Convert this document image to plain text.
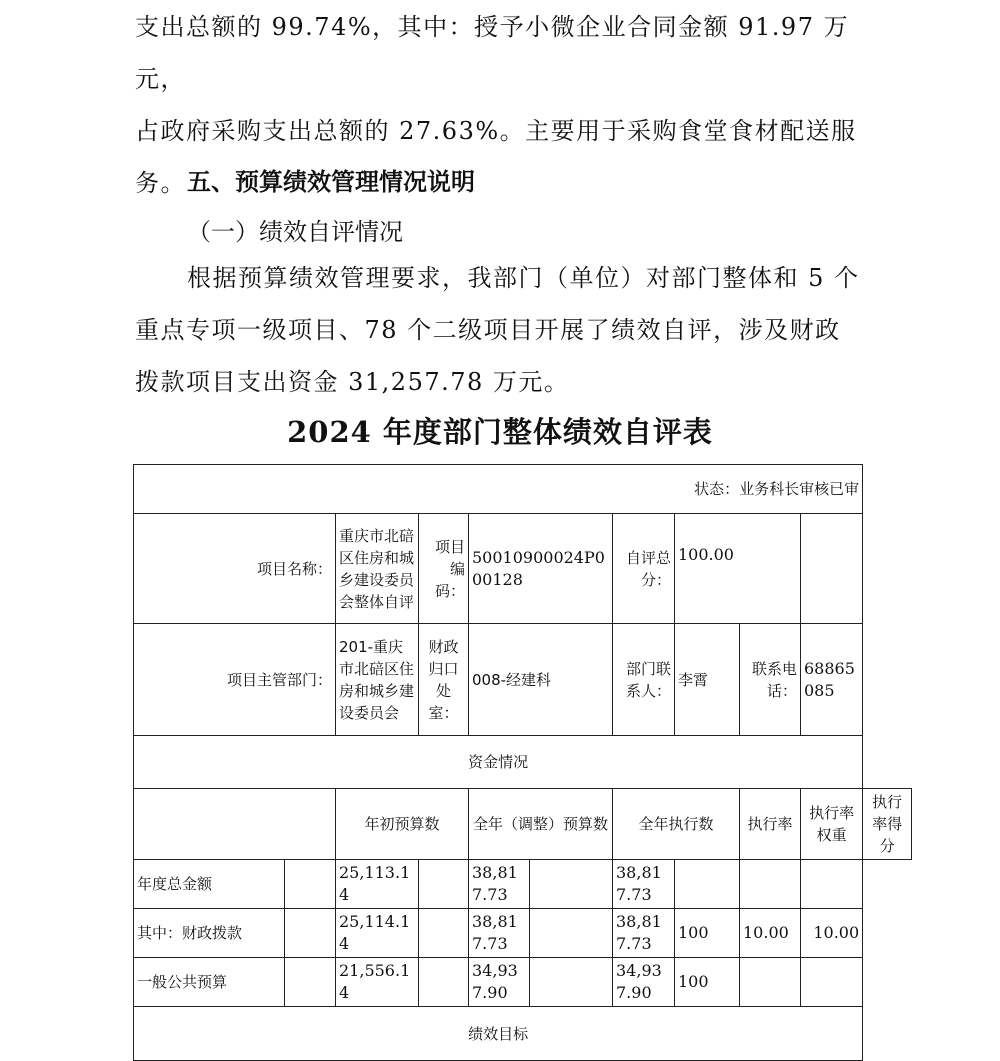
支出总额的 99.74%，其中：授予小微企业合同金额 91.97 万元，
占政府采购支出总额的 27.63%。主要用于采购食堂食材配送服
务。 五、预算绩效管理情况说明
（一）绩效自评情况

根据预算绩效管理要求，我部门（单位）对部门整体和 5 个
重点专项一级项目、78 个二级项目开展了绩效自评，涉及财政
拨款项目支出资金 31,257.78 万元。

2024 年度部门整体绩效自评表
状态：业务科长审核已审										
项目名称：		重庆市北碚区住房和城乡建设委员会整体自评	项目编码：	50010900024P000128		自评总分：	100.00			
项目主管部门：		201-重庆市北碚区住房和城乡建设委员会	财政归口处室：	008-经建科		部门联系人：	李霄	联系电话：	68865085	
资金情况										
		年初预算数		全年（调整）预算数		全年执行数		执行率	执行率权重	执行率得分
年度总金额		25,113.14		38,817.73		38,817.73				
其中：财政拨款		25,114.14		38,817.73		38,817.73	100	10.00	10.00	
一般公共预算		21,556.14		34,937.90		34,937.90	100			
绩效目标										
